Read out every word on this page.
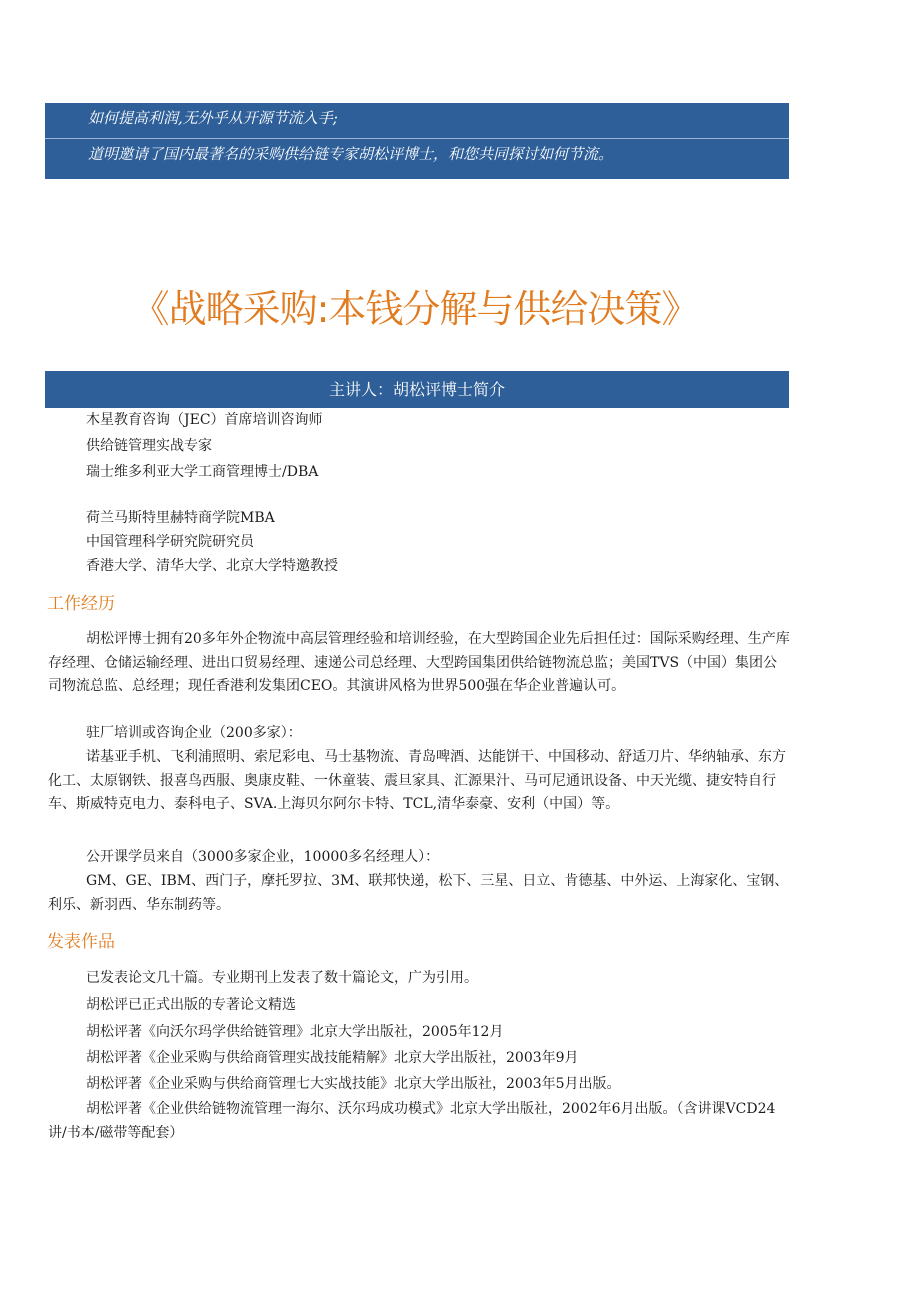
如何提高利润,无外乎从开源节流入手;
道明邀请了国内最著名的采购供给链专家胡松评博士，和您共同探讨如何节流。
《战略采购:本钱分解与供给决策》
主讲人：胡松评博士简介
木星教育咨询（JEC）首席培训咨询师
供给链管理实战专家
瑞士维多利亚大学工商管理博士/DBA
荷兰马斯特里赫特商学院MBA
中国管理科学研究院研究员
香港大学、清华大学、北京大学特邀教授
工作经历
胡松评博士拥有20多年外企物流中高层管理经验和培训经验，在大型跨国企业先后担任过：国际采购经理、生产库存经理、仓储运输经理、进出口贸易经理、速递公司总经理、大型跨国集团供给链物流总监；美国TVS（中国）集团公司物流总监、总经理；现任香港利发集团CEO。其演讲风格为世界500强在华企业普遍认可。
驻厂培训或咨询企业（200多家）：
诺基亚手机、飞利浦照明、索尼彩电、马士基物流、青岛啤酒、达能饼干、中国移动、舒适刀片、华纳轴承、东方化工、太原钢铁、报喜鸟西服、奥康皮鞋、一休童装、震旦家具、汇源果汁、马可尼通讯设备、中天光缆、捷安特自行车、斯威特克电力、泰科电子、SVA.上海贝尔阿尔卡特、TCL,清华泰豪、安利（中国）等。
公开课学员来自（3000多家企业，10000多名经理人）：
GM、GE、IBM、西门子，摩托罗拉、3M、联邦快递，松下、三星、日立、肯德基、中外运、上海家化、宝钢、利乐、新羽西、华东制药等。
发表作品
已发表论文几十篇。专业期刊上发表了数十篇论文，广为引用。
胡松评已正式出版的专著论文精选
胡松评著《向沃尔玛学供给链管理》北京大学出版社，2005年12月
胡松评著《企业采购与供给商管理实战技能精解》北京大学出版社，2003年9月
胡松评著《企业采购与供给商管理七大实战技能》北京大学出版社，2003年5月出版。
胡松评著《企业供给链物流管理一海尔、沃尔玛成功模式》北京大学出版社，2002年6月出版。（含讲课VCD24讲/书本/磁带等配套）
